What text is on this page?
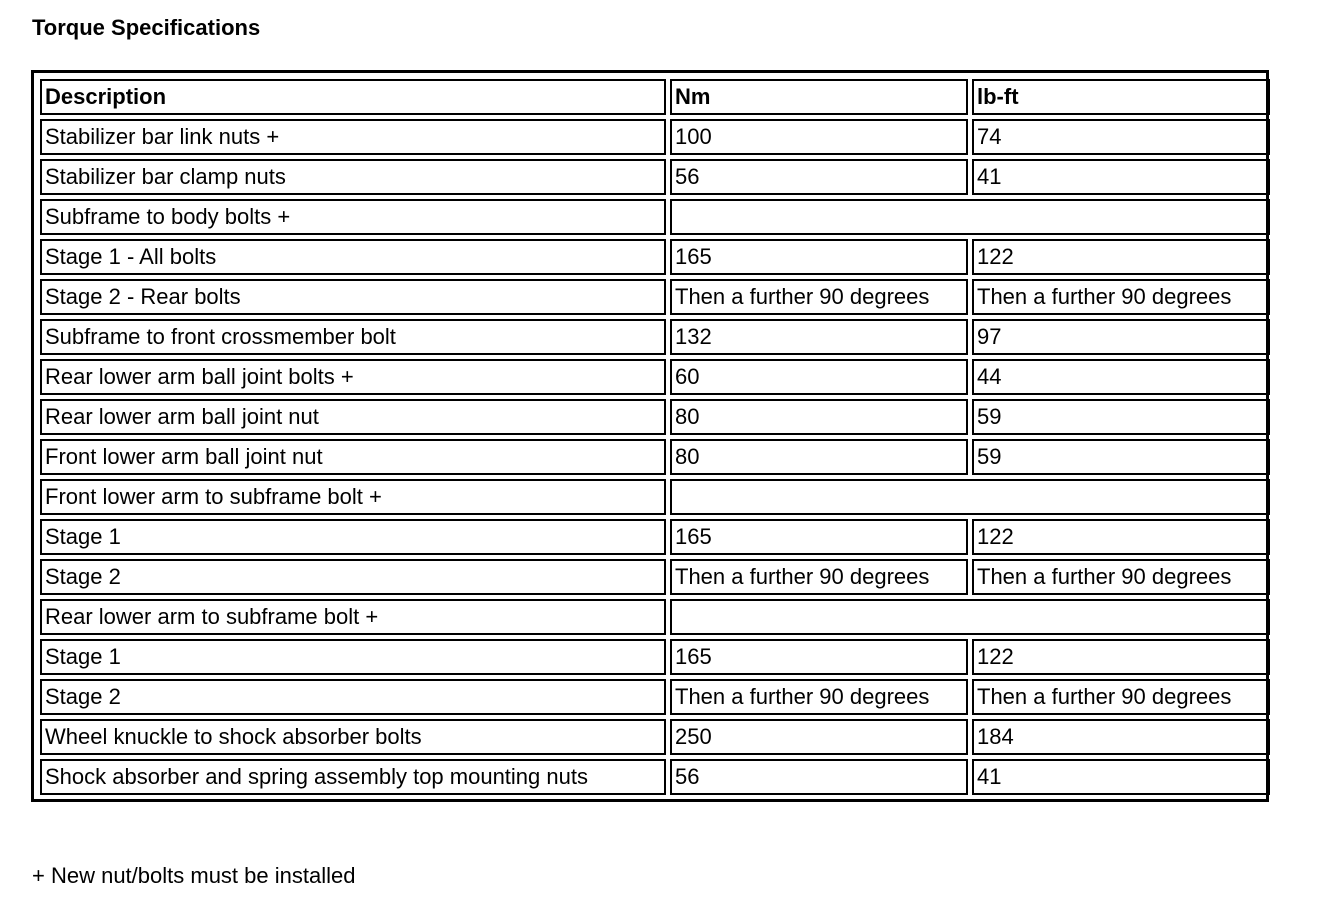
Torque Specifications
Description	Nm	lb-ft
Stabilizer bar link nuts +	100	74
Stabilizer bar clamp nuts	56	41
Subframe to body bolts +		
Stage 1 - All bolts	165	122
Stage 2 - Rear bolts	Then a further 90 degrees	Then a further 90 degrees
Subframe to front crossmember bolt	132	97
Rear lower arm ball joint bolts +	60	44
Rear lower arm ball joint nut	80	59
Front lower arm ball joint nut	80	59
Front lower arm to subframe bolt +		
Stage 1	165	122
Stage 2	Then a further 90 degrees	Then a further 90 degrees
Rear lower arm to subframe bolt +		
Stage 1	165	122
Stage 2	Then a further 90 degrees	Then a further 90 degrees
Wheel knuckle to shock absorber bolts	250	184
Shock absorber and spring assembly top mounting nuts	56	41

+ New nut/bolts must be installed
